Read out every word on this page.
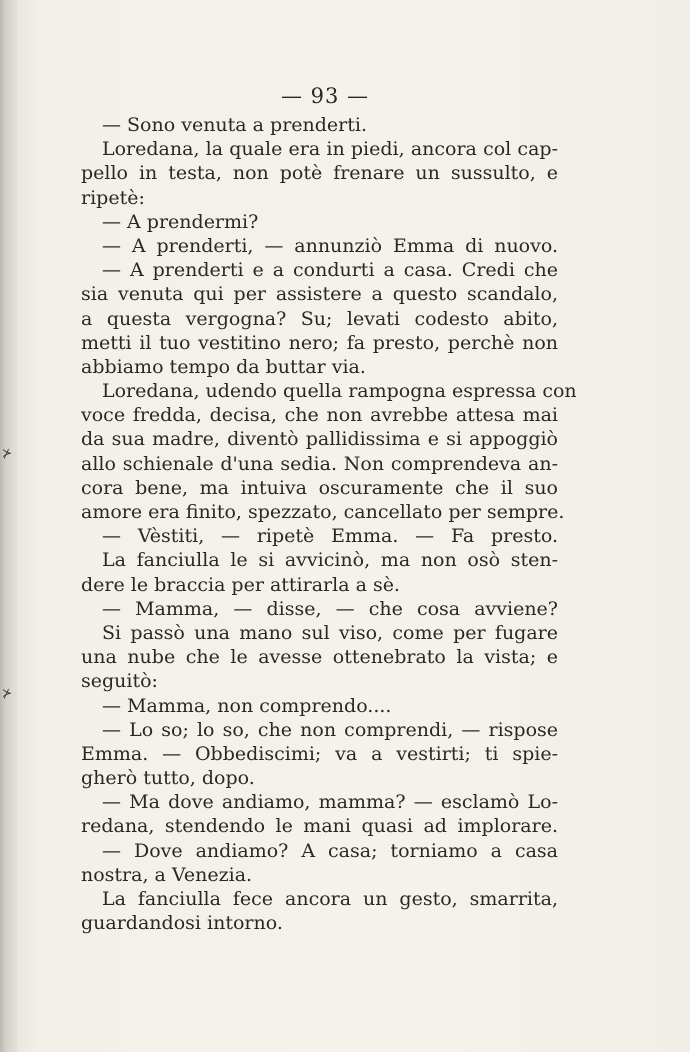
⊁
⊁
— 93 —
— Sono venuta a prenderti.
Loredana, la quale era in piedi, ancora col cap-
pello in testa, non potè frenare un sussulto, e
ripetè:
— A prendermi?
— A prenderti, — annunziò Emma di nuovo.
— A prenderti e a condurti a casa. Credi che
sia venuta qui per assistere a questo scandalo,
a questa vergogna? Su; levati codesto abito,
metti il tuo vestitino nero; fa presto, perchè non
abbiamo tempo da buttar via.
Loredana, udendo quella rampogna espressa con
voce fredda, decisa, che non avrebbe attesa mai
da sua madre, diventò pallidissima e si appoggiò
allo schienale d'una sedia. Non comprendeva an-
cora bene, ma intuiva oscuramente che il suo
amore era finito, spezzato, cancellato per sempre.
— Vèstiti, — ripetè Emma. — Fa presto.
La fanciulla le si avvicinò, ma non osò sten-
dere le braccia per attirarla a sè.
— Mamma, — disse, — che cosa avviene?
Si passò una mano sul viso, come per fugare
una nube che le avesse ottenebrato la vista; e
seguitò:
— Mamma, non comprendo....
— Lo so; lo so, che non comprendi, — rispose
Emma. — Obbediscimi; va a vestirti; ti spie-
gherò tutto, dopo.
— Ma dove andiamo, mamma? — esclamò Lo-
redana, stendendo le mani quasi ad implorare.
— Dove andiamo? A casa; torniamo a casa
nostra, a Venezia.
La fanciulla fece ancora un gesto, smarrita,
guardandosi intorno.
